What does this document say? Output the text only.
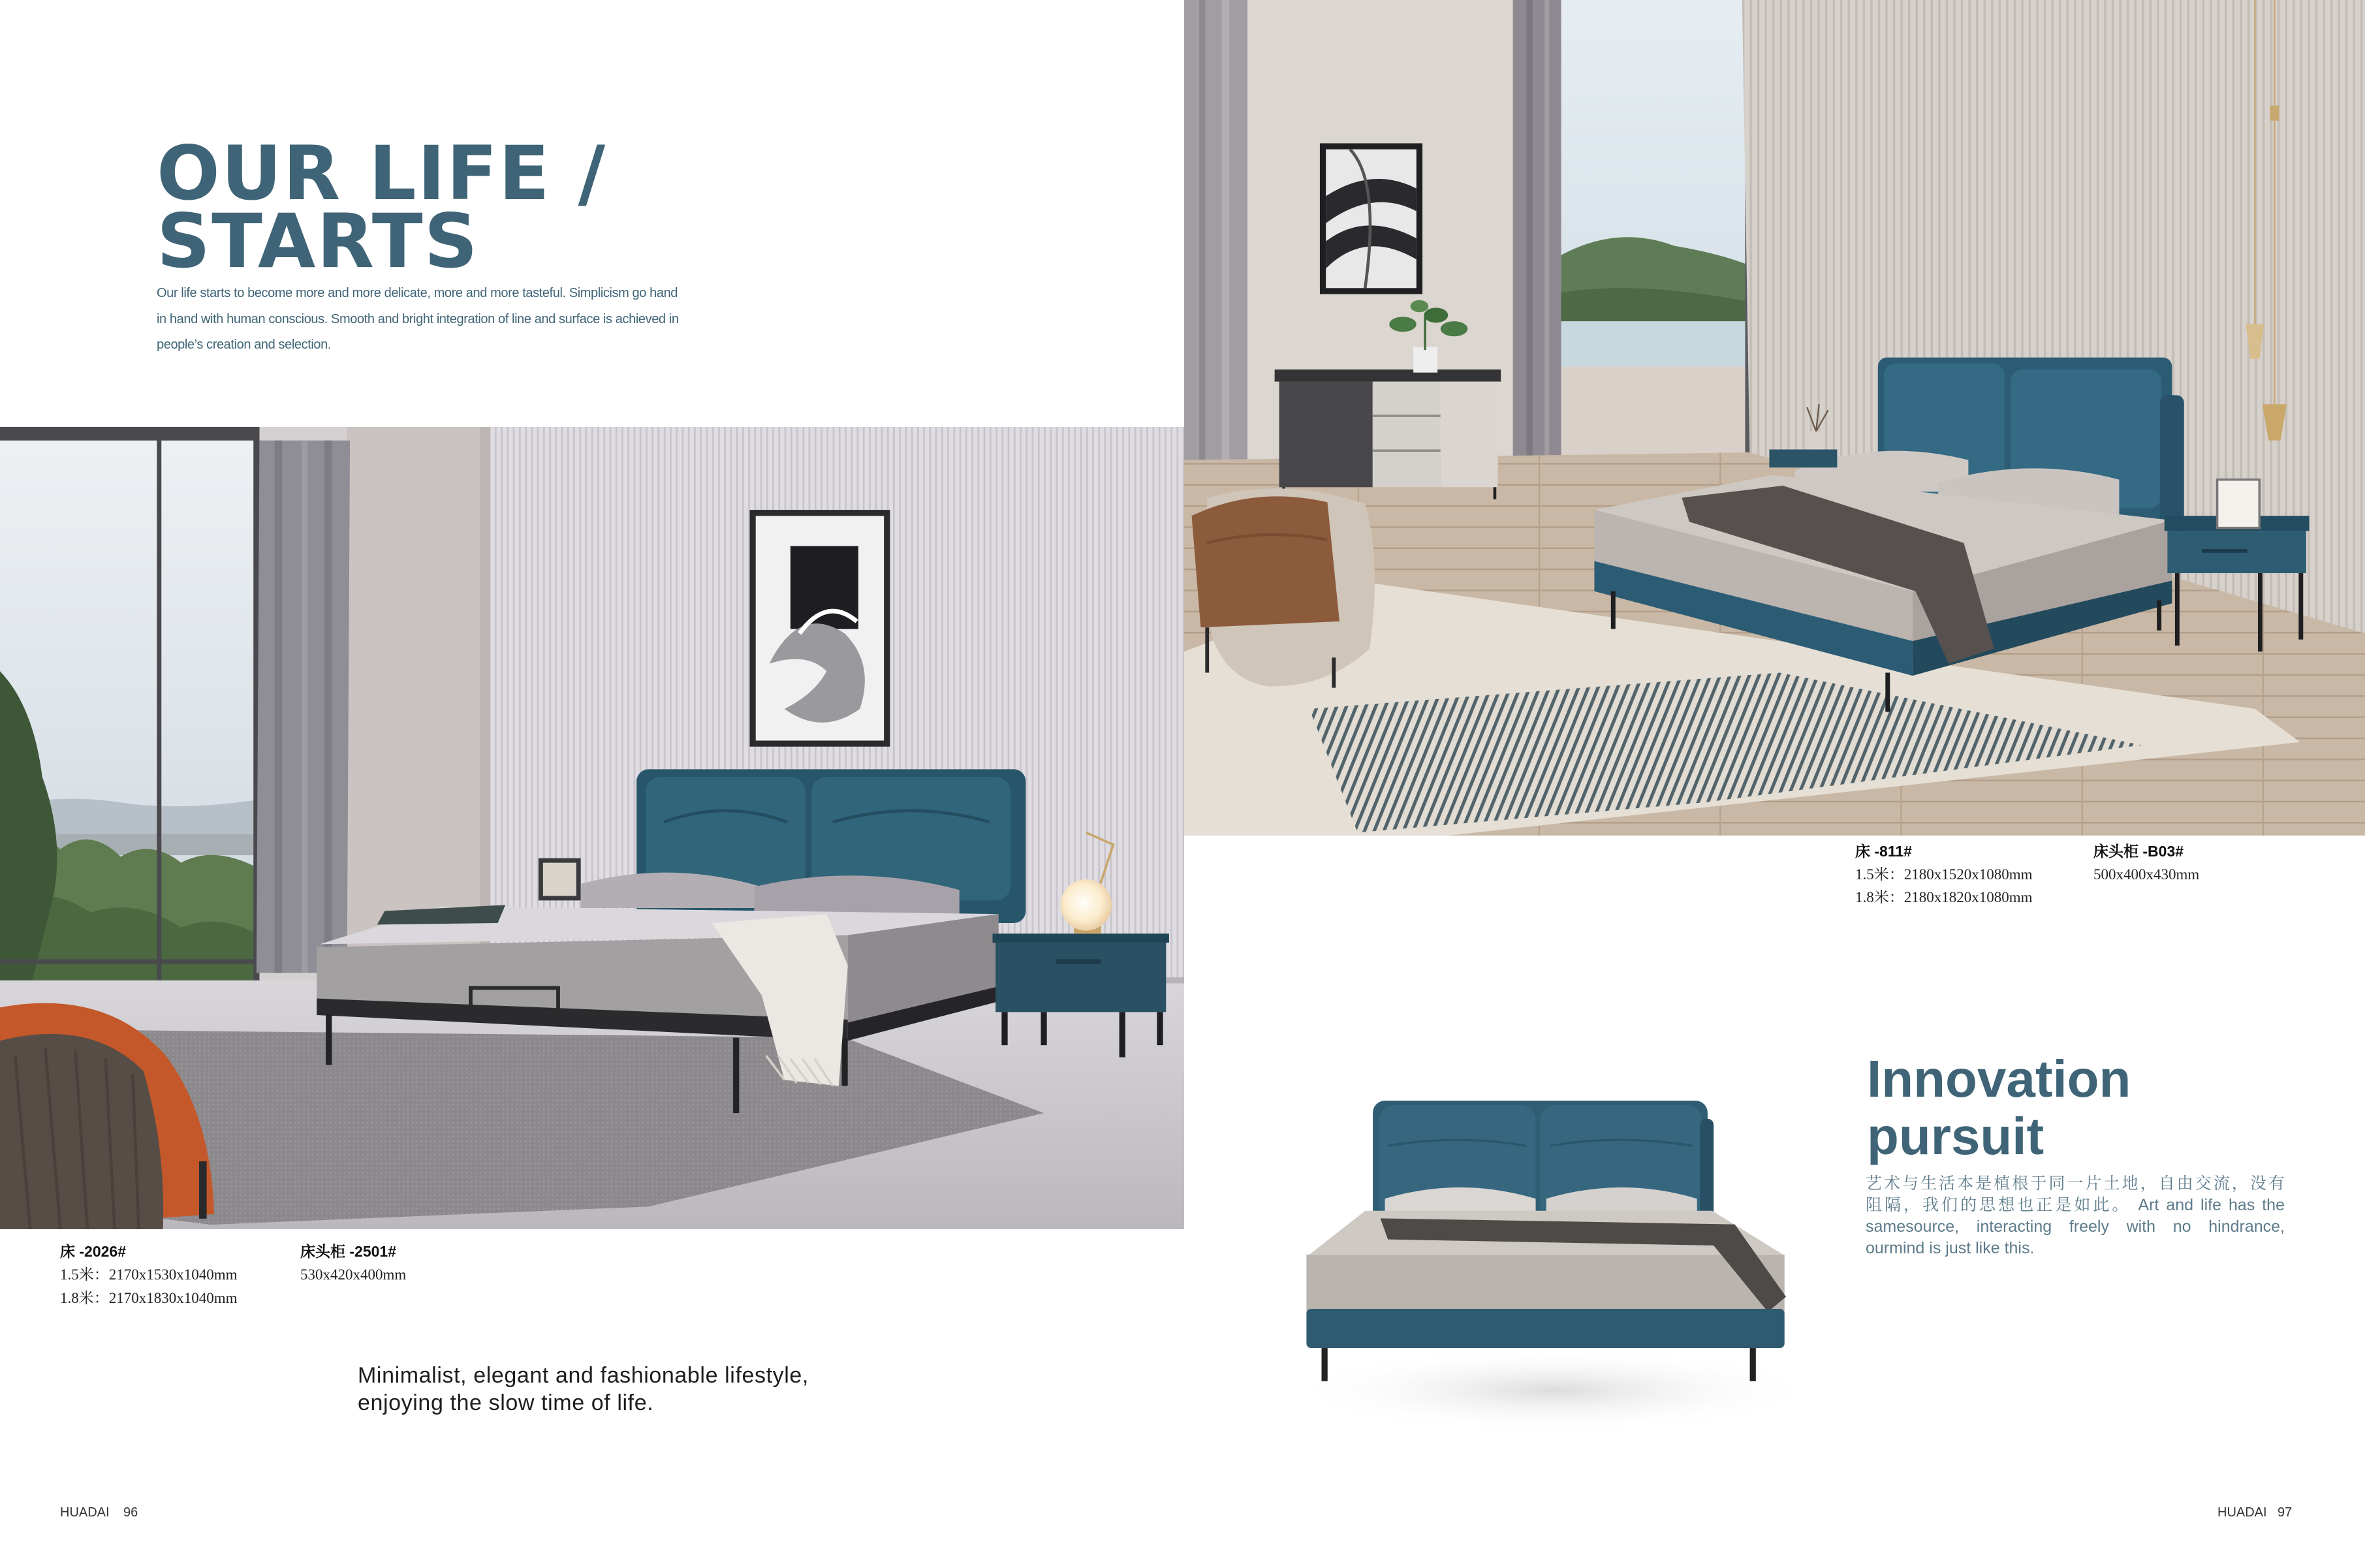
OUR LIFE /
STARTS
Our life starts to become more and more delicate, more and more tasteful. Simplicism go hand
in hand with human conscious. Smooth and bright integration of line and surface is achieved in
people’s creation and selection.
床 -2026#
1.5米：2170x1530x1040mm
1.8米：2170x1830x1040mm
床头柜 -2501#
530x420x400mm
Minimalist, elegant and fashionable lifestyle,
enjoying the slow time of life.
HUADAI 96
床 -811#
1.5米：2180x1520x1080mm
1.8米：2180x1820x1080mm
床头柜 -B03#
500x400x430mm
Innovation
pursuit
艺术与生活本是植根于同一片土地，自由交流，没有
阻隔，我们的思想也正是如此。 Art and life has the
samesource, interacting freely with no hindrance,
ourmind is just like this.
HUADAI 97
